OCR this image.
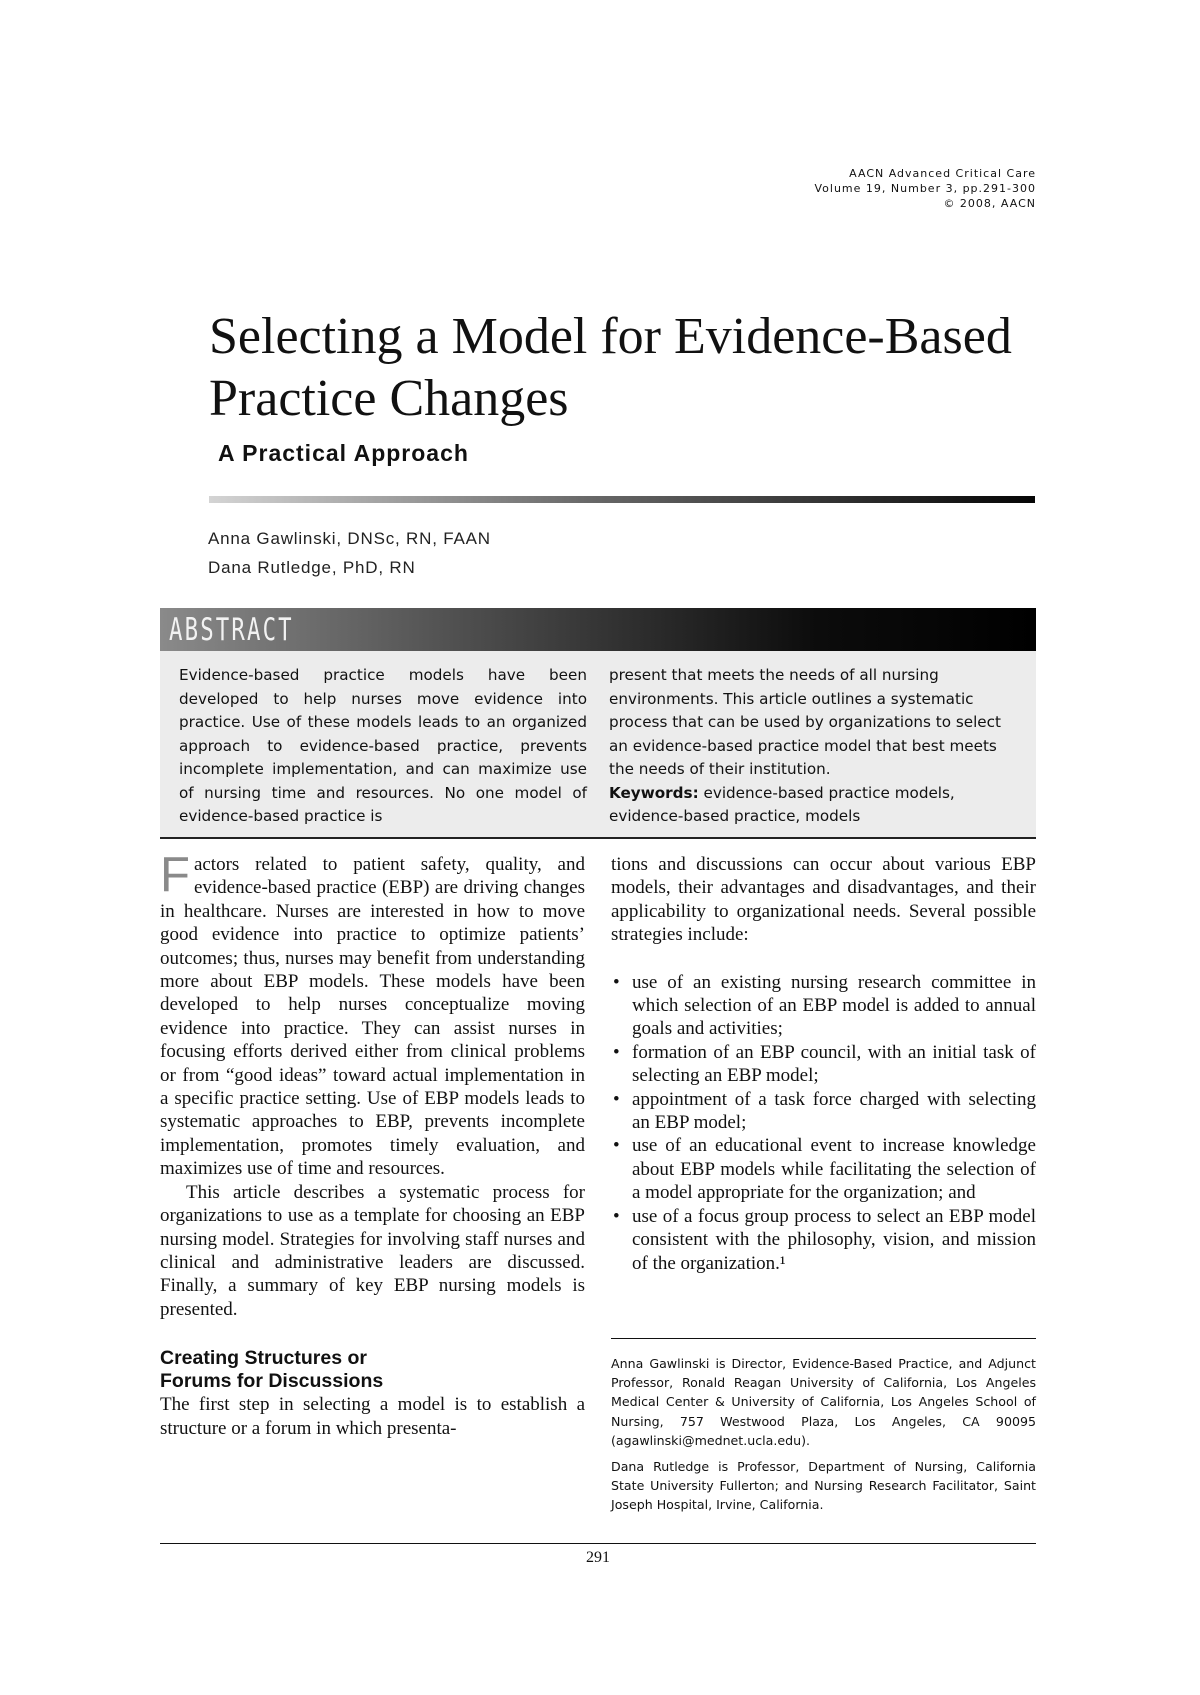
AACN Advanced Critical Care
Volume 19, Number 3, pp.291-300
© 2008, AACN
Selecting a Model for Evidence-Based
Practice Changes
A Practical Approach
Anna Gawlinski, DNSc, RN, FAAN
Dana Rutledge, PhD, RN
ABSTRACT
Evidence-based practice models have been developed to help nurses move evidence into practice. Use of these models leads to an organized approach to evidence-based practice, prevents incomplete implementation, and can maximize use of nursing time and resources. No one model of evidence-based practice is
present that meets the needs of all nursing environments. This article outlines a systematic process that can be used by organizations to select an evidence-based practice model that best meets the needs of their institution.
Keywords: evidence-based practice models, evidence-based practice, models

Factors related to patient safety, quality, and evidence-based practice (EBP) are driving changes in healthcare. Nurses are interested in how to move good evidence into practice to optimize patients’ outcomes; thus, nurses may benefit from understanding more about EBP models. These models have been developed to help nurses conceptualize moving evidence into practice. They can assist nurses in focusing efforts derived either from clinical problems or from “good ideas” toward actual implementation in a specific practice setting. Use of EBP models leads to systematic approaches to EBP, prevents incomplete implementation, promotes timely evaluation, and maximizes use of time and resources.

This article describes a systematic process for organizations to use as a template for choosing an EBP nursing model. Strategies for involving staff nurses and clinical and administrative leaders are discussed. Finally, a summary of key EBP nursing models is presented.

Creating Structures or
Forums for Discussions

The first step in selecting a model is to establish a structure or a forum in which presenta-

tions and discussions can occur about various EBP models, their advantages and disadvantages, and their applicability to organizational needs. Several possible strategies include:

• use of an existing nursing research committee in which selection of an EBP model is added to annual goals and activities;
• formation of an EBP council, with an initial task of selecting an EBP model;
• appointment of a task force charged with selecting an EBP model;
• use of an educational event to increase knowledge about EBP models while facilitating the selection of a model appropriate for the organization; and
• use of a focus group process to select an EBP model consistent with the philosophy, vision, and mission of the organization.¹
Anna Gawlinski is Director, Evidence-Based Practice, and Adjunct Professor, Ronald Reagan University of California, Los Angeles Medical Center & University of California, Los Angeles School of Nursing, 757 Westwood Plaza, Los Angeles, CA 90095 (agawlinski@mednet.ucla.edu).
Dana Rutledge is Professor, Department of Nursing, California State University Fullerton; and Nursing Research Facilitator, Saint Joseph Hospital, Irvine, California.
291
